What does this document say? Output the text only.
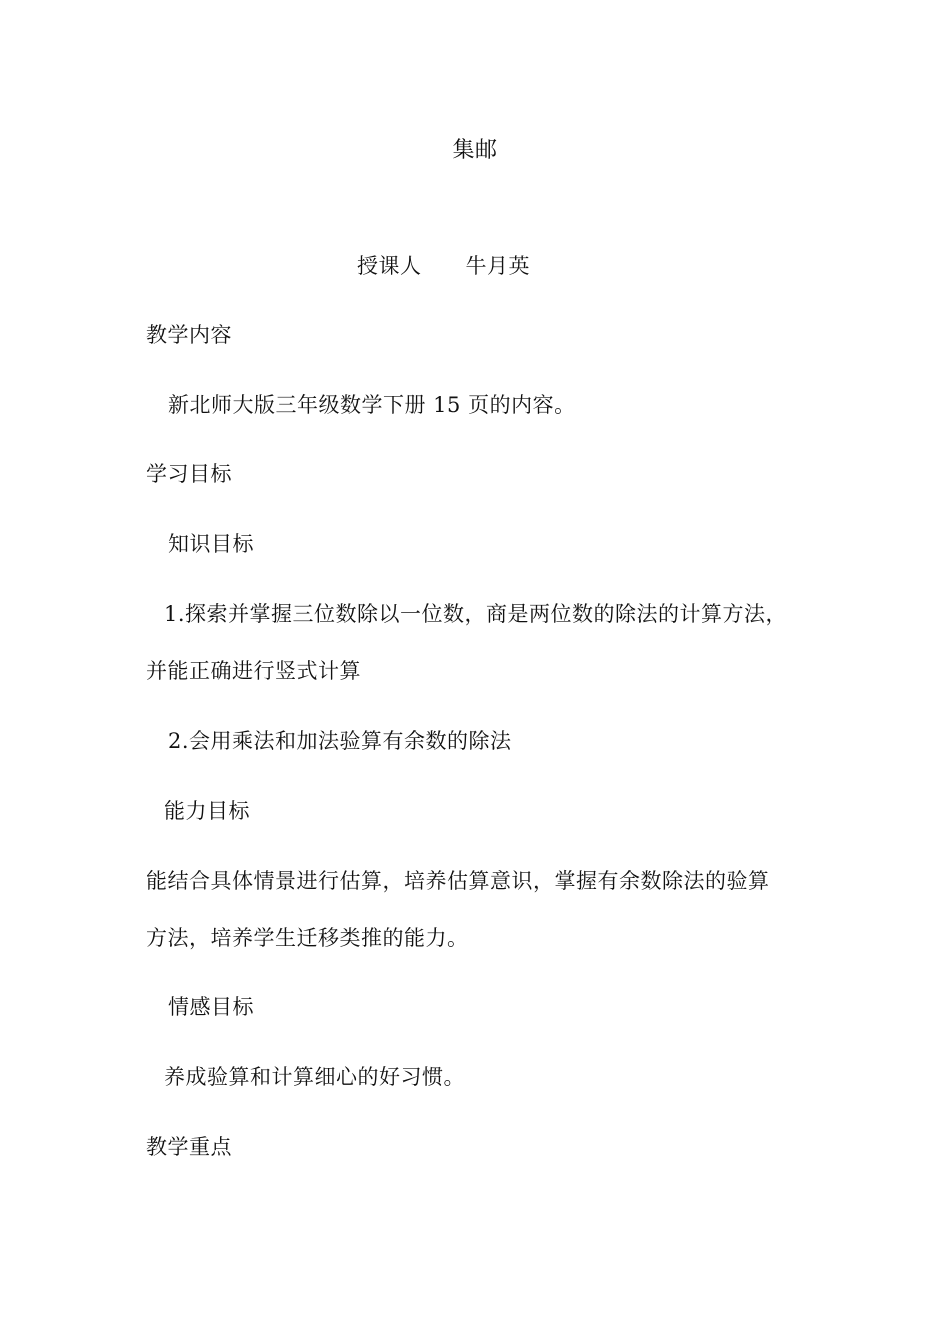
集邮
授课人 牛月英
教学内容
新北师大版三年级数学下册 15 页的内容。
学习目标
知识目标
1.探索并掌握三位数除以一位数，商是两位数的除法的计算方法，
并能正确进行竖式计算
2.会用乘法和加法验算有余数的除法
能力目标
能结合具体情景进行估算，培养估算意识，掌握有余数除法的验算
方法，培养学生迁移类推的能力。
情感目标
养成验算和计算细心的好习惯。
教学重点
